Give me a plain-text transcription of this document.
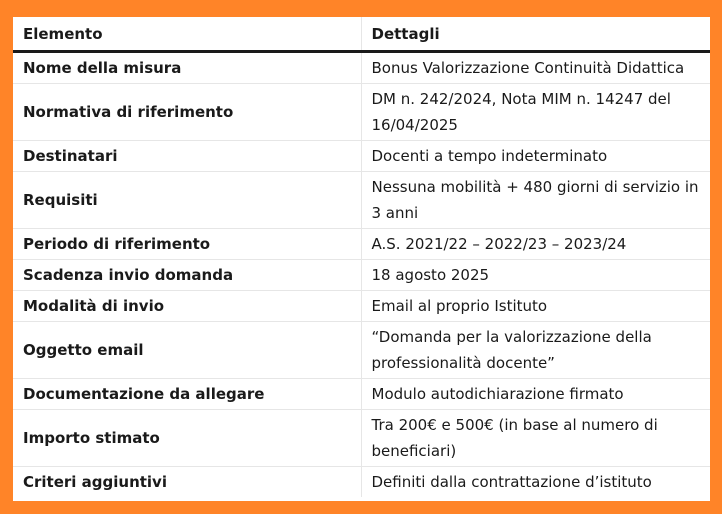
Elemento	Dettagli
Nome della misura	Bonus Valorizzazione Continuità Didattica
Normativa di riferimento	DM n. 242/2024, Nota MIM n. 14247 del 16/04/2025
Destinatari	Docenti a tempo indeterminato
Requisiti	Nessuna mobilità + 480 giorni di servizio in 3 anni
Periodo di riferimento	A.S. 2021/22 – 2022/23 – 2023/24
Scadenza invio domanda	18 agosto 2025
Modalità di invio	Email al proprio Istituto
Oggetto email	“Domanda per la valorizzazione della professionalità docente”
Documentazione da allegare	Modulo autodichiarazione firmato
Importo stimato	Tra 200€ e 500€ (in base al numero di beneficiari)
Criteri aggiuntivi	Definiti dalla contrattazione d’istituto
